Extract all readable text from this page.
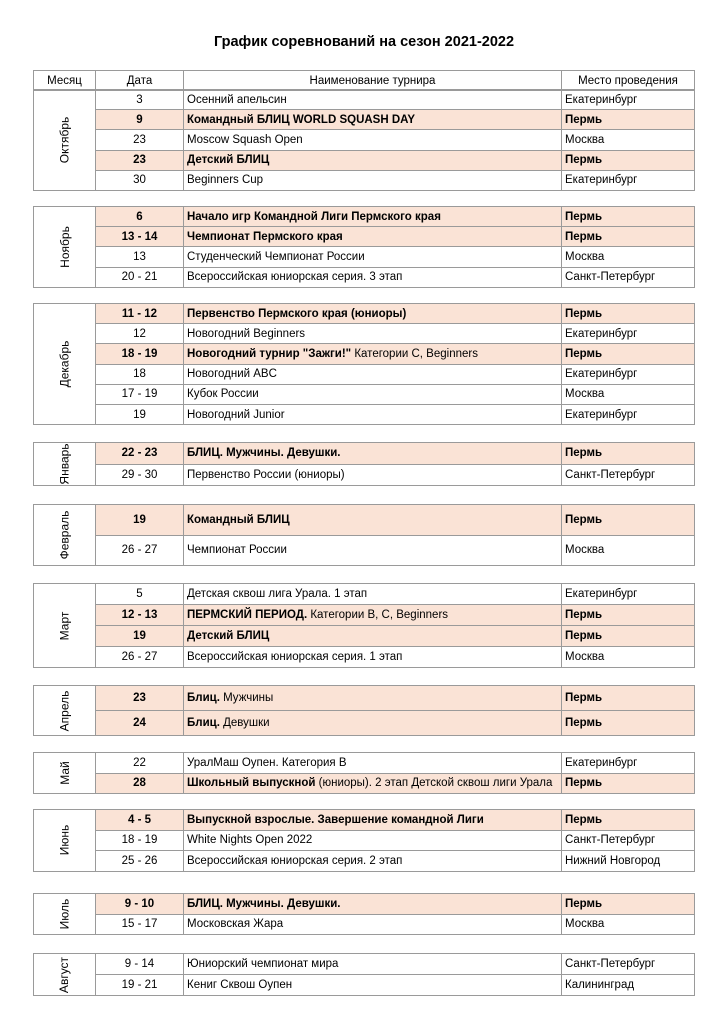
График соревнований на сезон 2021-2022
Месяц	Дата	Наименование турнира	Место проведения
Октябрь	3	Осенний апельсин	Екатеринбург
	9	Командный БЛИЦ WORLD SQUASH DAY	Пермь
	23	Moscow Squash Open	Москва
	23	Детский БЛИЦ	Пермь
	30	Beginners Cup	Екатеринбург
Ноябрь	6	Начало игр Командной Лиги Пермского края	Пермь
	13 - 14	Чемпионат Пермского края	Пермь
	13	Студенческий Чемпионат России	Москва
	20 - 21	Всероссийская юниорская серия. 3 этап	Санкт-Петербург
Декабрь	11 - 12	Первенство Пермского края (юниоры)	Пермь
	12	Новогодний Beginners	Екатеринбург
	18 - 19	Новогодний турнир "Зажги!" Категории С, Beginners	Пермь
	18	Новогодний ABC	Екатеринбург
	17 - 19	Кубок России	Москва
	19	Новогодний Junior	Екатеринбург
Январь	22 - 23	БЛИЦ. Мужчины. Девушки.	Пермь
	29 - 30	Первенство России (юниоры)	Санкт-Петербург
Февраль	19	Командный БЛИЦ	Пермь
	26 - 27	Чемпионат России	Москва
Март	5	Детская сквош лига Урала. 1 этап	Екатеринбург
	12 - 13	ПЕРМСКИЙ ПЕРИОД. Категории В, С, Beginners	Пермь
	19	Детский БЛИЦ	Пермь
	26 - 27	Всероссийская юниорская серия. 1 этап	Москва
Апрель	23	Блиц. Мужчины	Пермь
	24	Блиц. Девушки	Пермь
Май	22	УралМаш Оупен. Категория В	Екатеринбург
	28	Школьный выпускной (юниоры). 2 этап Детской сквош лиги Урала	Пермь
Июнь	4 - 5	Выпускной взрослые. Завершение командной Лиги	Пермь
	18 - 19	White Nights Open 2022	Санкт-Петербург
	25 - 26	Всероссийская юниорская серия. 2 этап	Нижний Новгород
Июль	9 - 10	БЛИЦ. Мужчины. Девушки.	Пермь
	15 - 17	Московская Жара	Москва
Август	9 - 14	Юниорский чемпионат мира	Санкт-Петербург
	19 - 21	Кениг Сквош Оупен	Калининград
